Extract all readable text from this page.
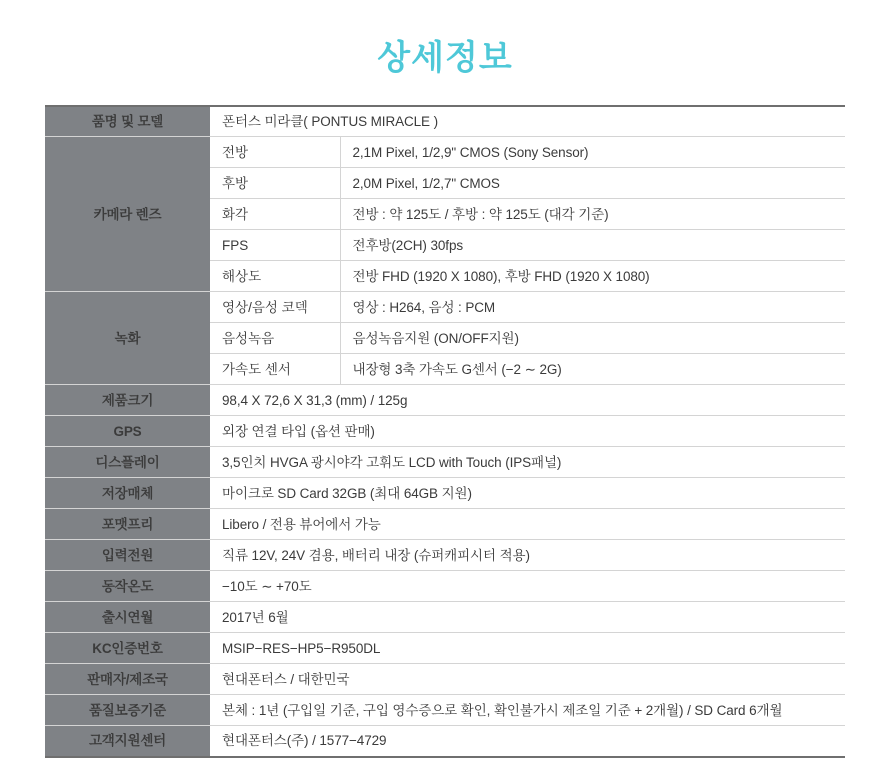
상세정보
품명 및 모델	폰터스 미라클( PONTUS MIRACLE )	
카메라 렌즈	전방	2,1M Pixel, 1/2,9" CMOS (Sony Sensor)
	후방	2,0M Pixel, 1/2,7" CMOS
	화각	전방 : 약 125도 / 후방 : 약 125도 (대각 기준)
	FPS	전후방(2CH) 30fps
	해상도	전방 FHD (1920 X 1080), 후방 FHD (1920 X 1080)
녹화	영상/음성 코덱	영상 : H264, 음성 : PCM
	음성녹음	음성녹음지원 (ON/OFF지원)
	가속도 센서	내장형 3축 가속도 G센서 (−2 ∼ 2G)
제품크기	98,4 X 72,6 X 31,3 (mm) / 125g	
GPS	외장 연결 타입 (옵션 판매)	
디스플레이	3,5인치 HVGA 광시야각 고휘도 LCD with Touch (IPS패널)	
저장매체	마이크로 SD Card 32GB (최대 64GB 지원)	
포맷프리	Libero / 전용 뷰어에서 가능	
입력전원	직류 12V, 24V 겸용, 배터리 내장 (슈퍼캐피시터 적용)	
동작온도	−10도 ∼ +70도	
출시연월	2017년 6월	
KC인증번호	MSIP−RES−HP5−R950DL	
판매자/제조국	현대폰터스 / 대한민국	
품질보증기준	본체 : 1년 (구입일 기준, 구입 영수증으로 확인, 확인불가시 제조일 기준 + 2개월) / SD Card 6개월	
고객지원센터	현대폰터스(주) / 1577−4729	
